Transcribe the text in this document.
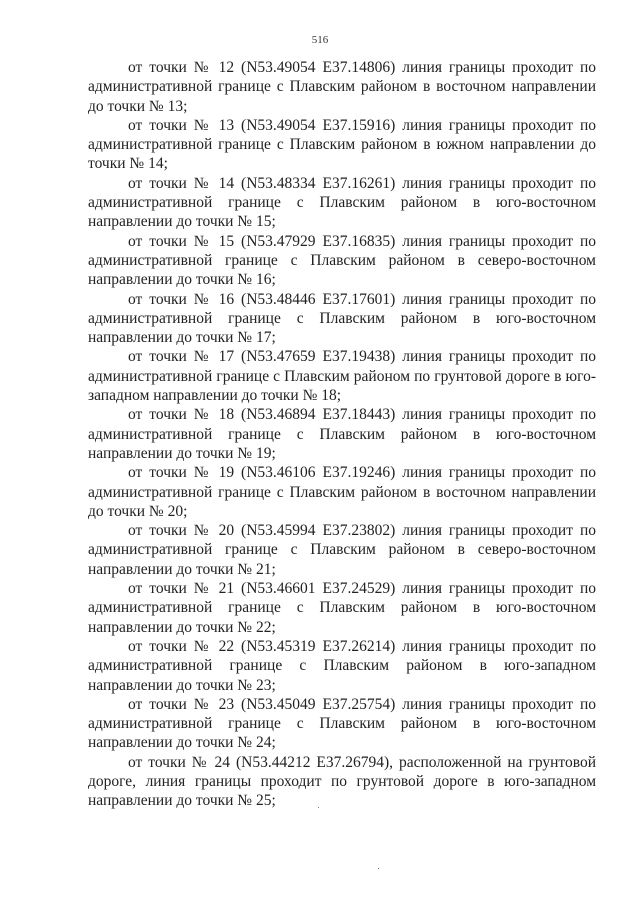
516

от точки № 12 (N53.49054 E37.14806) линия границы проходит по административной границе с Плавским районом в восточном направлении до точки № 13;

от точки № 13 (N53.49054 E37.15916) линия границы проходит по административной границе с Плавским районом в южном направлении до точки № 14;

от точки № 14 (N53.48334 E37.16261) линия границы проходит по административной границе с Плавским районом в юго-восточном направлении до точки № 15;

от точки № 15 (N53.47929 E37.16835) линия границы проходит по административной границе с Плавским районом в северо-восточном направлении до точки № 16;

от точки № 16 (N53.48446 E37.17601) линия границы проходит по административной границе с Плавским районом в юго-восточном направлении до точки № 17;

от точки № 17 (N53.47659 E37.19438) линия границы проходит по административной границе с Плавским районом по грунтовой дороге в юго-западном направлении до точки № 18;

от точки № 18 (N53.46894 E37.18443) линия границы проходит по административной границе с Плавским районом в юго-восточном направлении до точки № 19;

от точки № 19 (N53.46106 E37.19246) линия границы проходит по административной границе с Плавским районом в восточном направлении до точки № 20;

от точки № 20 (N53.45994 E37.23802) линия границы проходит по административной границе с Плавским районом в северо-восточном направлении до точки № 21;

от точки № 21 (N53.46601 E37.24529) линия границы проходит по административной границе с Плавским районом в юго-восточном направлении до точки № 22;

от точки № 22 (N53.45319 E37.26214) линия границы проходит по административной границе с Плавским районом в юго-западном направлении до точки № 23;

от точки № 23 (N53.45049 E37.25754) линия границы проходит по административной границе с Плавским районом в юго-восточном направлении до точки № 24;

от точки № 24 (N53.44212 E37.26794), расположенной на грунтовой дороге, линия границы проходит по грунтовой дороге в юго-западном направлении до точки № 25;
